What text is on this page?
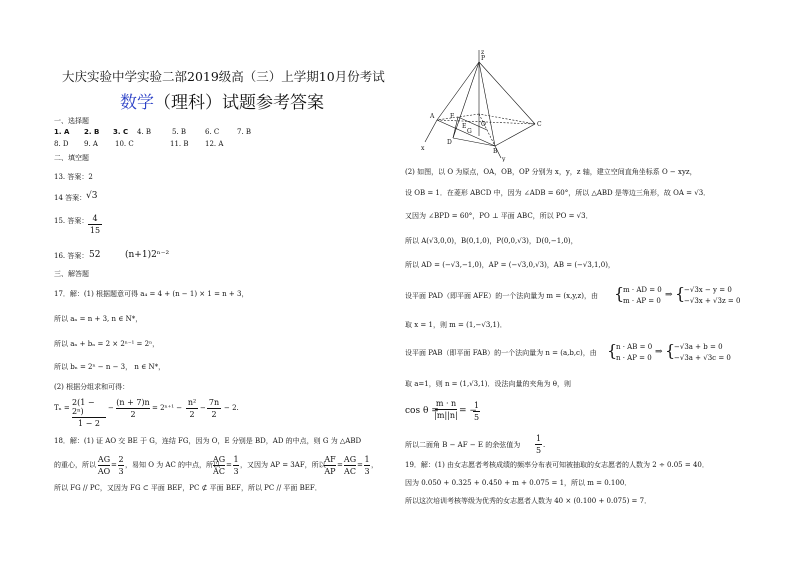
大庆实验中学实验二部2019级高（三）上学期10月份考试
数学（理科）试题参考答案
一、选择题
1. A 2. B 3. C 4. B	5. B	6. C	7. B
8. D 9. A 10. C	11. B 12. A
二、填空题
13. 答案：2
14 答案： √3
15. 答案： 4
15
16. 答案： 52	(n+1)2ⁿ⁻²
三、解答题
17．解：(1) 根据题意可得 a₄ = 4 + (n − 1) × 1 = n + 3，
所以 aₙ = n + 3, n ∈ N*，
所以 aₙ + bₙ = 2 × 2ⁿ⁻¹ = 2ⁿ，
所以 bₙ = 2ⁿ − n − 3， n ∈ N*，
(2) 根据分组求和可得：
Tₙ =
2(1 − 2ⁿ)
1 − 2
−
(n + 7)n
2
= 2ⁿ⁺¹ −
n²
2
−
7n
2
− 2.
18．解：(1) 证 AO 交 BE 于 G，连结 FG，因为 O，E 分别是 BD，AD 的中点，则 G 为 △ABD
的重心，所以
AG
AO
=
2
3
，易知 O 为 AC 的中点，所以
AG
AC
=
1
3
，又因为 AP = 3AF，所以
AF
AP
=
AG
AC
=
1
3
，
所以 FG // PC，又因为 FG ⊂ 平面 BEF，PC ⊄ 平面 BEF，所以 PC // 平面 BEF．
P
F
A
E
D
G
O
B
C
x
y
z
(2) 如图，以 O 为原点，OA，OB，OP 分别为 x，y，z 轴，建立空间直角坐标系 O − xyz，
设 OB = 1．在菱形 ABCD 中，因为 ∠ADB = 60°，所以 △ABD 是等边三角形，故 OA = √3．
又因为 ∠BPD = 60°，PO ⊥ 平面 ABC，所以 PO = √3．
所以 A(√3,0,0)，B(0,1,0)，P(0,0,√3)，D(0,−1,0)，
所以 AD = (−√3,−1,0)，AP = (−√3,0,√3)，AB = (−√3,1,0)，
设平面 PAD（即平面 AFE）的一个法向量为 m = (x,y,z)，由 {
m · AD = 0
m · AP = 0
⇒ {
−√3x − y = 0
−√3x + √3z = 0
取 x = 1，则 m = (1,−√3,1)．
设平面 PAB（即平面 FAB）的一个法向量为 n = (a,b,c)，由 {
n · AB = 0
n · AP = 0
⇒ {
−√3a + b = 0
−√3a + √3c = 0
取 a=1，则 n = (1,√3,1)．设法向量的夹角为 θ，则
cos θ =
m · n
|m||n| = −
1
5
所以二面角 B − AF − E 的余弦值为
1
5
.
19．解：(1) 由女志愿者考核成绩的频率分布表可知被抽取的女志愿者的人数为 2 ÷ 0.05 = 40．
因为 0.050 + 0.325 + 0.450 + m + 0.075 = 1，所以 m = 0.100．
所以这次培训考核等级为优秀的女志愿者人数为 40 × (0.100 + 0.075) = 7．
